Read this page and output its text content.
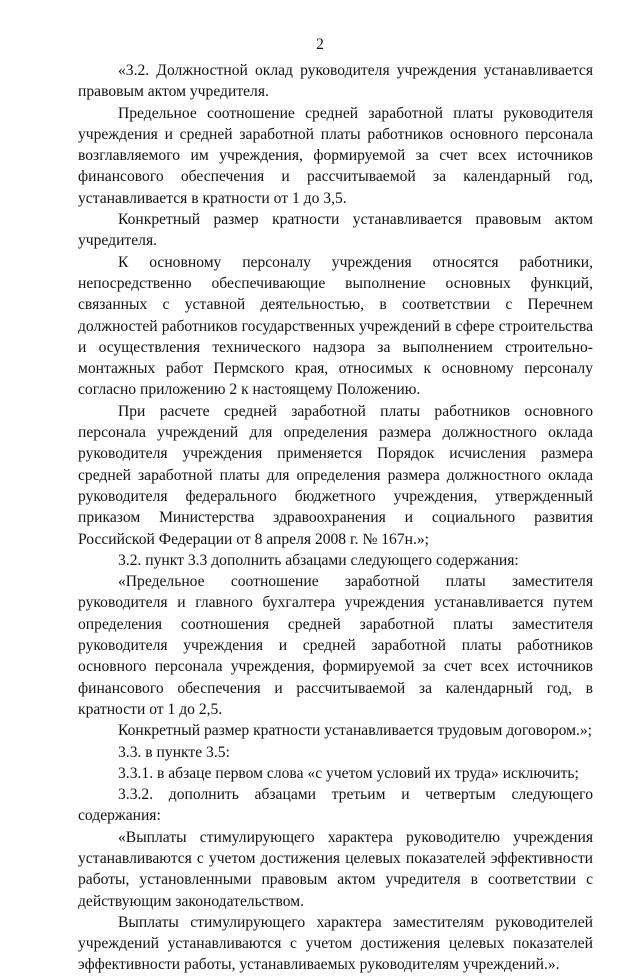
2

«3.2. Должностной оклад руководителя учреждения устанавливается правовым актом учредителя.

Предельное соотношение средней заработной платы руководителя учреждения и средней заработной платы работников основного персонала возглавляемого им учреждения, формируемой за счет всех источников финансового обеспечения и рассчитываемой за календарный год, устанавливается в кратности от 1 до 3,5.

Конкретный размер кратности устанавливается правовым актом учредителя.

К основному персоналу учреждения относятся работники, непосредственно обеспечивающие выполнение основных функций, связанных с уставной деятельностью, в соответствии с Перечнем должностей работников государственных учреждений в сфере строительства и осуществления технического надзора за выполнением строительно-монтажных работ Пермского края, относимых к основному персоналу согласно приложению 2 к настоящему Положению.

При расчете средней заработной платы работников основного персонала учреждений для определения размера должностного оклада руководителя учреждения применяется Порядок исчисления размера средней заработной платы для определения размера должностного оклада руководителя федерального бюджетного учреждения, утвержденный приказом Министерства здравоохранения и социального развития Российской Федерации от 8 апреля 2008 г. № 167н.»;

3.2. пункт 3.3 дополнить абзацами следующего содержания:

«Предельное соотношение заработной платы заместителя руководителя и главного бухгалтера учреждения устанавливается путем определения соотношения средней заработной платы заместителя руководителя учреждения и средней заработной платы работников основного персонала учреждения, формируемой за счет всех источников финансового обеспечения и рассчитываемой за календарный год, в кратности от 1 до 2,5.

Конкретный размер кратности устанавливается трудовым договором.»;

3.3. в пункте 3.5:

3.3.1. в абзаце первом слова «с учетом условий их труда» исключить;

3.3.2. дополнить абзацами третьим и четвертым следующего содержания:

«Выплаты стимулирующего характера руководителю учреждения устанавливаются с учетом достижения целевых показателей эффективности работы, установленными правовым актом учредителя в соответствии с действующим законодательством.

Выплаты стимулирующего характера заместителям руководителей учреждений устанавливаются с учетом достижения целевых показателей эффективности работы, устанавливаемых руководителям учреждений.».
